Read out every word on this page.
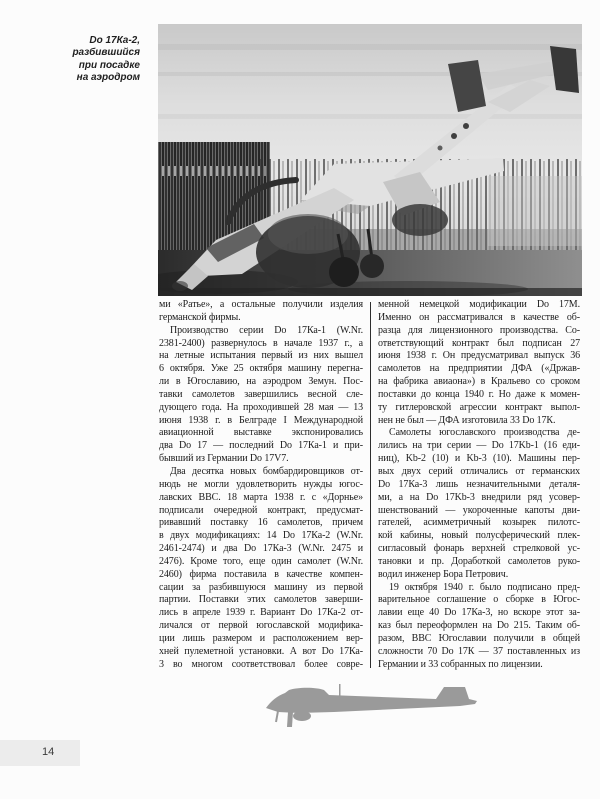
Do 17Ка-2,
разбившийся
при посадке
на аэродром
ми «Ратье», а остальные получили изделия
германской фирмы.
Производство серии Do 17Ка-1 (W.Nr.
2381-2400) развернулось в начале 1937 г., а
на летные испытания первый из них вышел
6 октября. Уже 25 октября машину перегна-
ли в Югославию, на аэродром Земун. Пос-
тавки самолетов завершились весной сле-
дующего года. На проходившей 28 мая — 13
июня 1938 г. в Белграде I Международной
авиационной выставке экспонировались
два Do 17 — последний Do 17Ка-1 и при-
бывший из Германии Do 17V7.
Два десятка новых бомбардировщиков от-
нюдь не могли удовлетворить нужды югос-
лавских ВВС. 18 марта 1938 г. с «Дорнье»
подписали очередной контракт, предусмат-
ривавший поставку 16 самолетов, причем
в двух модификациях: 14 Do 17Ка-2 (W.Nr.
2461-2474) и два Do 17Ка-3 (W.Nr. 2475 и
2476). Кроме того, еще один самолет (W.Nr.
2460) фирма поставила в качестве компен-
сации за разбившуюся машину из первой
партии. Поставки этих самолетов заверши-
лись в апреле 1939 г. Вариант Do 17Ка-2 от-
личался от первой югославской модифика-
ции лишь размером и расположением вер-
хней пулеметной установки. А вот Do 17Ка-
3 во многом соответствовал более совре-
менной немецкой модификации Do 17М.
Именно он рассматривался в качестве об-
разца для лицензионного производства. Со-
ответствующий контракт был подписан 27
июня 1938 г. Он предусматривал выпуск 36
самолетов на предприятии ДФА («Држав-
на фабрика авиаона») в Кральево со сроком
поставки до конца 1940 г. Но даже к момен-
ту гитлеровской агрессии контракт выпол-
нен не был — ДФА изготовила 33 Do 17К.
Самолеты югославского производства де-
лились на три серии — Do 17Kb-1 (16 еди-
ниц), Kb-2 (10) и Kb-3 (10). Машины пер-
вых двух серий отличались от германских
Do 17Ка-3 лишь незначительными деталя-
ми, а на Do 17Kb-3 внедрили ряд усовер-
шенствований — укороченные капоты дви-
гателей, асимметричный козырек пилотс-
кой кабины, новый полусферический плек-
сигласовый фонарь верхней стрелковой ус-
тановки и пр. Доработкой самолетов руко-
водил инженер Бора Петрович.
19 октября 1940 г. было подписано пред-
варительное соглашение о сборке в Югос-
лавии еще 40 Do 17Ка-3, но вскоре этот за-
каз был переоформлен на Do 215. Таким об-
разом, ВВС Югославии получили в общей
сложности 70 Do 17К — 37 поставленных из
Германии и 33 собранных по лицензии.
14
